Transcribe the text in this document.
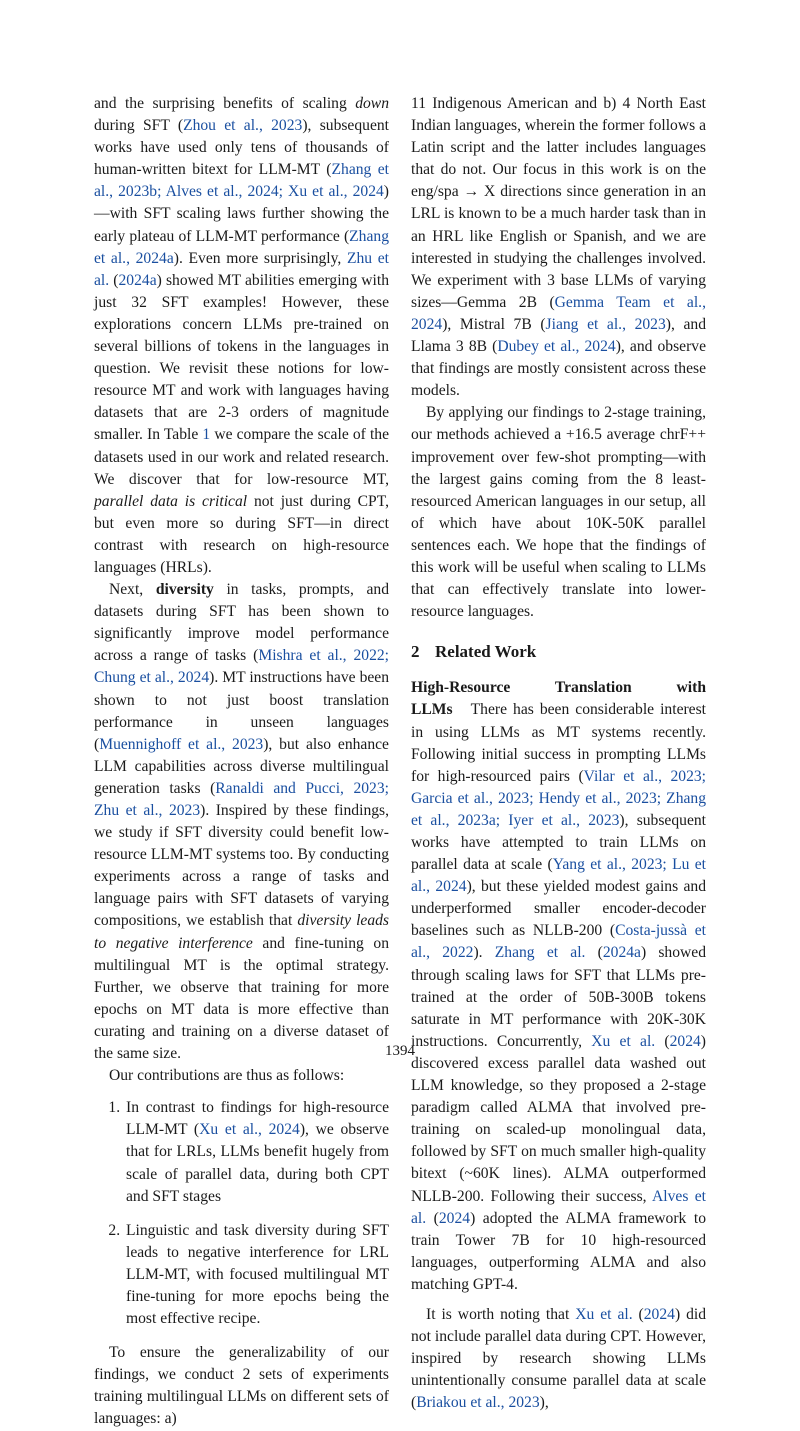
and the surprising benefits of scaling down during SFT (Zhou et al., 2023), subsequent works have used only tens of thousands of human-written bitext for LLM-MT (Zhang et al., 2023b; Alves et al., 2024; Xu et al., 2024)—with SFT scaling laws further showing the early plateau of LLM-MT performance (Zhang et al., 2024a). Even more surprisingly, Zhu et al. (2024a) showed MT abilities emerging with just 32 SFT examples! However, these explorations concern LLMs pre-trained on several billions of tokens in the languages in question. We revisit these notions for low-resource MT and work with languages having datasets that are 2-3 orders of magnitude smaller. In Table 1 we compare the scale of the datasets used in our work and related research. We discover that for low-resource MT, parallel data is critical not just during CPT, but even more so during SFT—in direct contrast with research on high-resource languages (HRLs).

Next, diversity in tasks, prompts, and datasets during SFT has been shown to significantly improve model performance across a range of tasks (Mishra et al., 2022; Chung et al., 2024). MT instructions have been shown to not just boost translation performance in unseen languages (Muennighoff et al., 2023), but also enhance LLM capabilities across diverse multilingual generation tasks (Ranaldi and Pucci, 2023; Zhu et al., 2023). Inspired by these findings, we study if SFT diversity could benefit low-resource LLM-MT systems too. By conducting experiments across a range of tasks and language pairs with SFT datasets of varying compositions, we establish that diversity leads to negative interference and fine-tuning on multilingual MT is the optimal strategy. Further, we observe that training for more epochs on MT data is more effective than curating and training on a diverse dataset of the same size.

Our contributions are thus as follows:

1. In contrast to findings for high-resource LLM-MT (Xu et al., 2024), we observe that for LRLs, LLMs benefit hugely from scale of parallel data, during both CPT and SFT stages
2. Linguistic and task diversity during SFT leads to negative interference for LRL LLM-MT, with focused multilingual MT fine-tuning for more epochs being the most effective recipe.

To ensure the generalizability of our findings, we conduct 2 sets of experiments training multilingual LLMs on different sets of languages: a)

11 Indigenous American and b) 4 North East Indian languages, wherein the former follows a Latin script and the latter includes languages that do not. Our focus in this work is on the eng/spa → X directions since generation in an LRL is known to be a much harder task than in an HRL like English or Spanish, and we are interested in studying the challenges involved. We experiment with 3 base LLMs of varying sizes—Gemma 2B (Gemma Team et al., 2024), Mistral 7B (Jiang et al., 2023), and Llama 3 8B (Dubey et al., 2024), and observe that findings are mostly consistent across these models.

By applying our findings to 2-stage training, our methods achieved a +16.5 average chrF++ improvement over few-shot prompting—with the largest gains coming from the 8 least-resourced American languages in our setup, all of which have about 10K-50K parallel sentences each. We hope that the findings of this work will be useful when scaling to LLMs that can effectively translate into lower-resource languages.

2 Related Work

High-Resource Translation with LLMs There has been considerable interest in using LLMs as MT systems recently. Following initial success in prompting LLMs for high-resourced pairs (Vilar et al., 2023; Garcia et al., 2023; Hendy et al., 2023; Zhang et al., 2023a; Iyer et al., 2023), subsequent works have attempted to train LLMs on parallel data at scale (Yang et al., 2023; Lu et al., 2024), but these yielded modest gains and underperformed smaller encoder-decoder baselines such as NLLB-200 (Costa-jussà et al., 2022). Zhang et al. (2024a) showed through scaling laws for SFT that LLMs pre-trained at the order of 50B-300B tokens saturate in MT performance with 20K-30K instructions. Concurrently, Xu et al. (2024) discovered excess parallel data washed out LLM knowledge, so they proposed a 2-stage paradigm called ALMA that involved pre-training on scaled-up monolingual data, followed by SFT on much smaller high-quality bitext (~60K lines). ALMA outperformed NLLB-200. Following their success, Alves et al. (2024) adopted the ALMA framework to train Tower 7B for 10 high-resourced languages, outperforming ALMA and also matching GPT-4.

It is worth noting that Xu et al. (2024) did not include parallel data during CPT. However, inspired by research showing LLMs unintentionally consume parallel data at scale (Briakou et al., 2023),

1394
